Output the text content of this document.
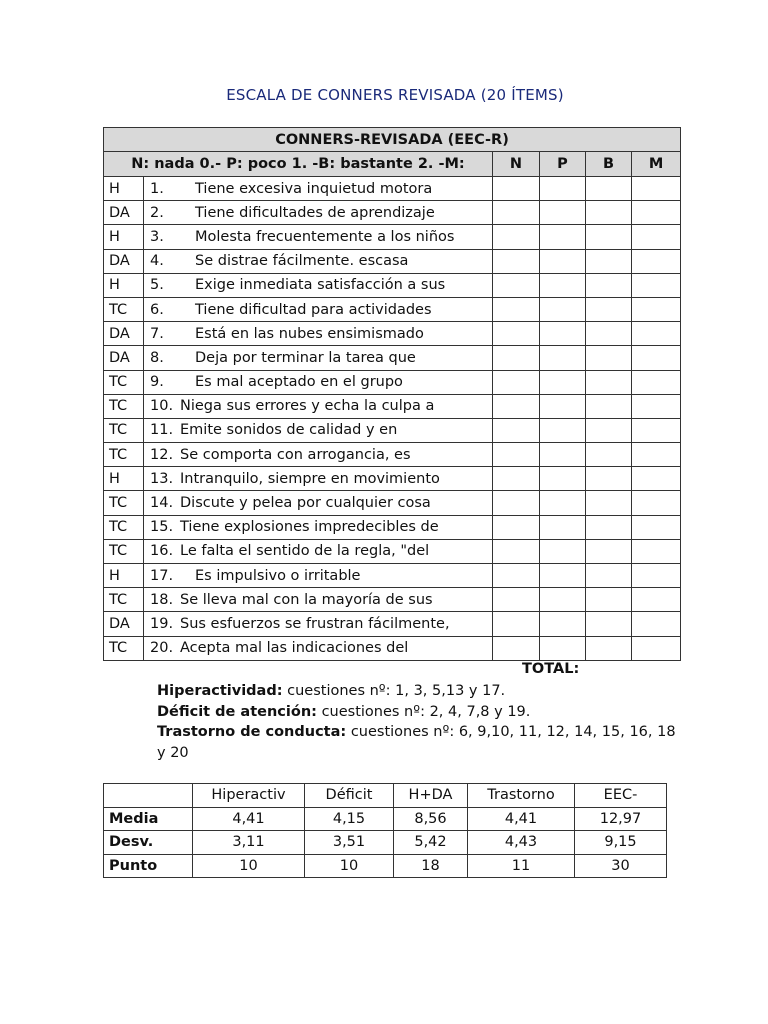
ESCALA DE CONNERS REVISADA (20 ÍTEMS)
CONNERS-REVISADA (EEC-R)					
N: nada 0.- P: poco 1. -B: bastante 2. -M:		N	P	B	M
H	1. Tiene excesiva inquietud motora				
DA	2. Tiene dificultades de aprendizaje				
H	3. Molesta frecuentemente a los niños				
DA	4. Se distrae fácilmente. escasa				
H	5. Exige inmediata satisfacción a sus				
TC	6. Tiene dificultad para actividades				
DA	7. Está en las nubes ensimismado				
DA	8. Deja por terminar la tarea que				
TC	9. Es mal aceptado en el grupo				
TC	10. Niega sus errores y echa la culpa a				
TC	11. Emite sonidos de calidad y en				
TC	12. Se comporta con arrogancia, es				
H	13. Intranquilo, siempre en movimiento				
TC	14. Discute y pelea por cualquier cosa				
TC	15. Tiene explosiones impredecibles de				
TC	16. Le falta el sentido de la regla, "del				
H	17. Es impulsivo o irritable				
TC	18. Se lleva mal con la mayoría de sus				
DA	19. Sus esfuerzos se frustran fácilmente,				
TC	20. Acepta mal las indicaciones del				
TOTAL:
Hiperactividad: cuestiones nº: 1, 3, 5,13 y 17.
Déficit de atención: cuestiones nº: 2, 4, 7,8 y 19.
Trastorno de conducta: cuestiones nº: 6, 9,10, 11, 12, 14, 15, 16, 18 y 20
	Hiperactiv	Déficit	H+DA	Trastorno	EEC-
Media	4,41	4,15	8,56	4,41	12,97
Desv.	3,11	3,51	5,42	4,43	9,15
Punto	10	10	18	11	30
